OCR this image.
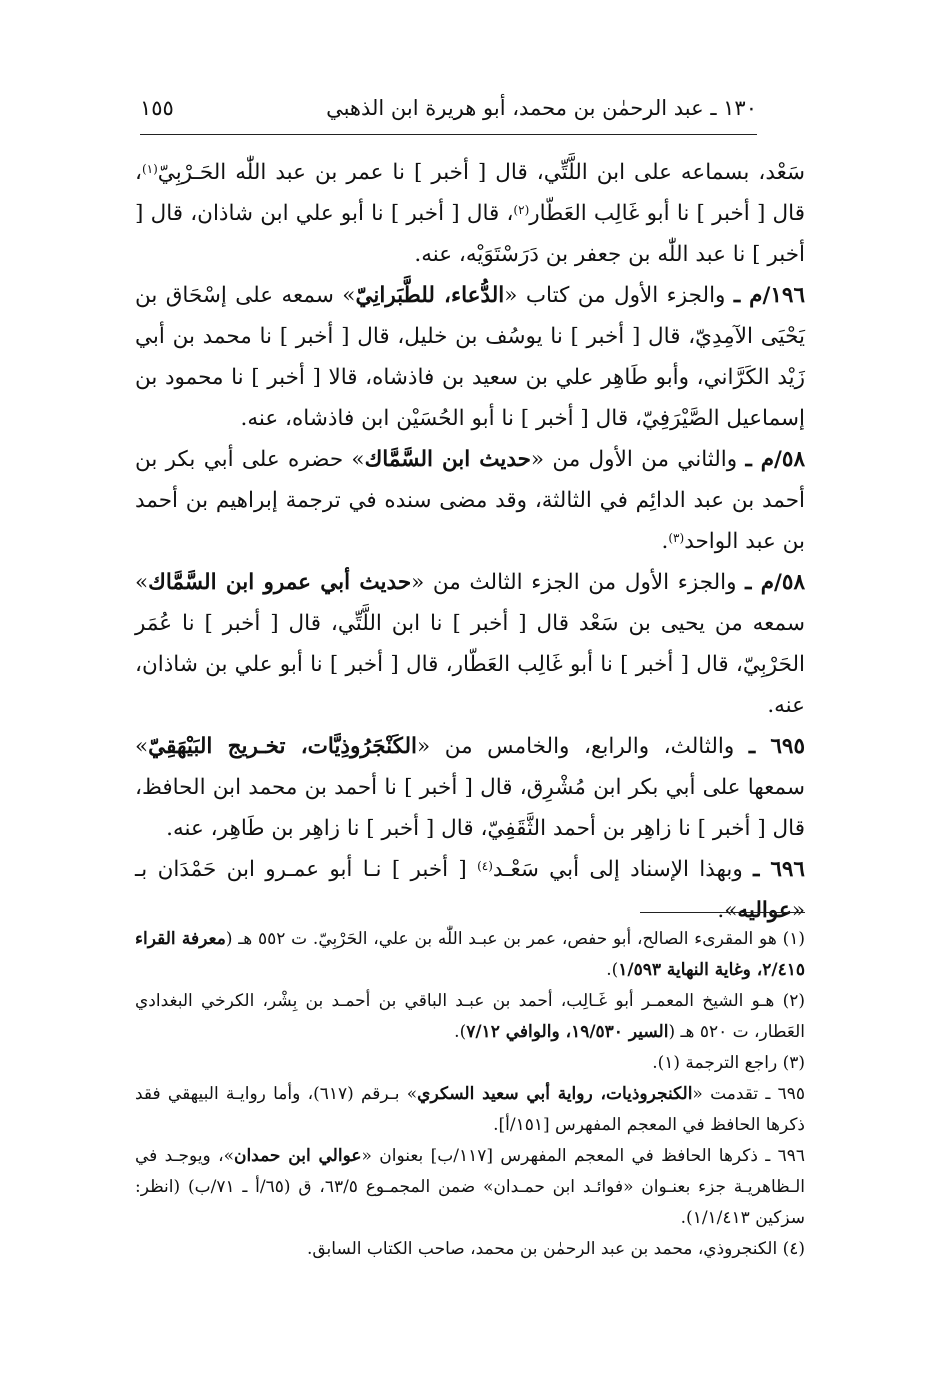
١٥٥	١٣٠ ـ عبد الرحمٰن بن محمد، أبو هريرة ابن الذهبي

سَعْد، بسماعه على ابن اللَّتِّي، قال [ أخبر ] نا عمر بن عبد اللّٰه الحَـرْبِيّ$^{(١)}$، قال [ أخبر ] نا أبو غَالِب العَطّار$^{(٢)}$، قال [ أخبر ] نا أبو علي ابن شاذان، قال [ أخبر ] نا عبد اللّٰه بن جعفر بن دَرَسْتَوَيْه، عنه.

١٩٦/م ـ والجزء الأول من كتاب «الدُّعاء، للطَّبَرانِيّ» سمعه على إسْحَاق بن يَحْيَى الآمِدِيّ، قال [ أخبر ] نا يوسُف بن خليل، قال [ أخبر ] نا محمد بن أبي زَيْد الكَرَّاني، وأبو طَاهِر علي بن سعيد بن فاذشاه، قالا [ أخبر ] نا محمود بن إسماعيل الصَّيْرَفِيّ، قال [ أخبر ] نا أبو الحُسَيْن ابن فاذشاه، عنه.

٥٨/م ـ والثاني من الأول من «حديث ابن السَّمَّاك» حضره على أبي بكر بن أحمد بن عبد الدائِم في الثالثة، وقد مضى سنده في ترجمة إبراهيم بن أحمد بن عبد الواحد$^{(٣)}$.

٥٨/م ـ والجزء الأول من الجزء الثالث من «حديث أبي عمرو ابن السَّمَّاك» سمعه من يحيى بن سَعْد قال [ أخبر ] نا ابن اللَّتِّي، قال [ أخبر ] نا عُمَر الحَرْبِيّ، قال [ أخبر ] نا أبو غَالِب العَطّار، قال [ أخبر ] نا أبو علي بن شاذان، عنه.

٦٩٥ ـ والثالث، والرابع، والخامس من «الكَنْجَرُوذِيَّات، تخـريج البَيْهَقِيّ» سمعها على أبي بكر ابن مُشْرِق، قال [ أخبر ] نا أحمد بن محمد ابن الحافظ، قال [ أخبر ] نا زاهِر بن أحمد الثَّقَفِيّ، قال [ أخبر ] نا زاهِر بن طَاهِر، عنه.

٦٩٦ ـ وبهذا الإسناد إلى أبي سَعْـد$^{(٤)}$ [ أخبر ] نـا أبو عمـرو ابن حَمْدَان بـ «عواليه».

(١) هو المقرىء الصالح، أبو حفص، عمر بن عبـد اللّٰه بن علي، الحَرْبِيّ. ت ٥٥٢ هـ (معرفة القراء ٢/٤١٥، وغاية النهاية ١/٥٩٣).

(٢) هـو الشيخ المعمـر أبو غَـالِب، أحمد بن عبـد الباقي بن أحمـد بن بِشْر، الكرخي البغدادي العَطار، ت ٥٢٠ هـ (السير ١٩/٥٣٠، والوافي ٧/١٢).

(٣) راجع الترجمة (١).

٦٩٥ ـ تقدمت «الكنجروذيات، رواية أبي سعيد السكري» بـرقم (٦١٧)، وأما روايـة البيهقي فقد ذكرها الحافظ في المعجم المفهرس [١٥١/أ].

٦٩٦ ـ ذكرها الحافظ في المعجم المفهرس [١١٧/ب] بعنوان «عوالي ابن حمدان»، ويوجـد في الـظاهريـة جزء بعنـوان «فوائـد ابن حمـدان» ضمن المجمـوع ٦٣/٥، ق (٦٥/أ ـ ٧١/ب) (انظر: سزكين ١/١/٤١٣).

(٤) الكنجروذي، محمد بن عبد الرحمٰن بن محمد، صاحب الكتاب السابق.
